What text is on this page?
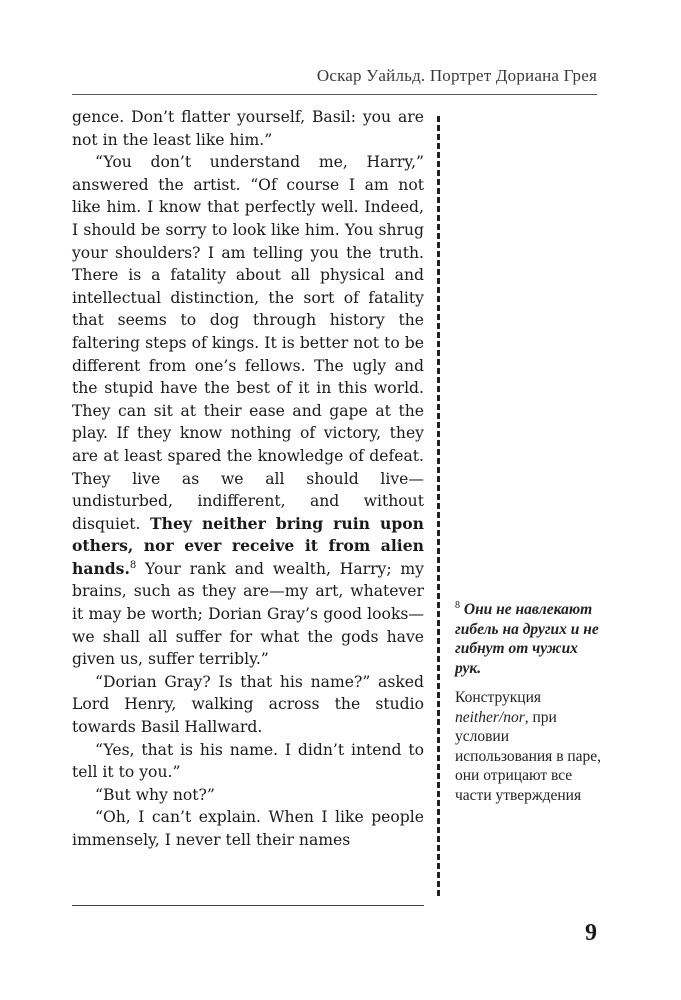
Оскар Уайльд. Портрет Дориана Грея

gence. Don’t flatter yourself, Basil: you are not in the least like him.”

“You don’t understand me, Harry,” answered the artist. “Of course I am not like him. I know that perfectly well. Indeed, I should be sorry to look like him. You shrug your shoulders? I am telling you the truth. There is a fatality about all physical and intellectual distinction, the sort of fatality that seems to dog through history the faltering steps of kings. It is better not to be different from one’s fellows. The ugly and the stupid have the best of it in this world. They can sit at their ease and gape at the play. If they know nothing of victory, they are at least spared the knowledge of defeat. They live as we all should live—undisturbed, indifferent, and without disquiet. They neither bring ruin upon others, nor ever receive it from alien hands.$^8$ Your rank and wealth, Harry; my brains, such as they are—my art, whatever it may be worth; Dorian Gray’s good looks—we shall all suffer for what the gods have given us, suffer terribly.”

“Dorian Gray? Is that his name?” asked Lord Henry, walking across the studio towards Basil Hallward.

“Yes, that is his name. I didn’t intend to tell it to you.”

“But why not?”

“Oh, I can’t explain. When I like people immensely, I never tell their names

$^8$ Они не навлекают гибель на других и не гибнут от чужих рук.

Конструкция neither/nor, при условии использования в паре, они отрицают все части утверждения

9
